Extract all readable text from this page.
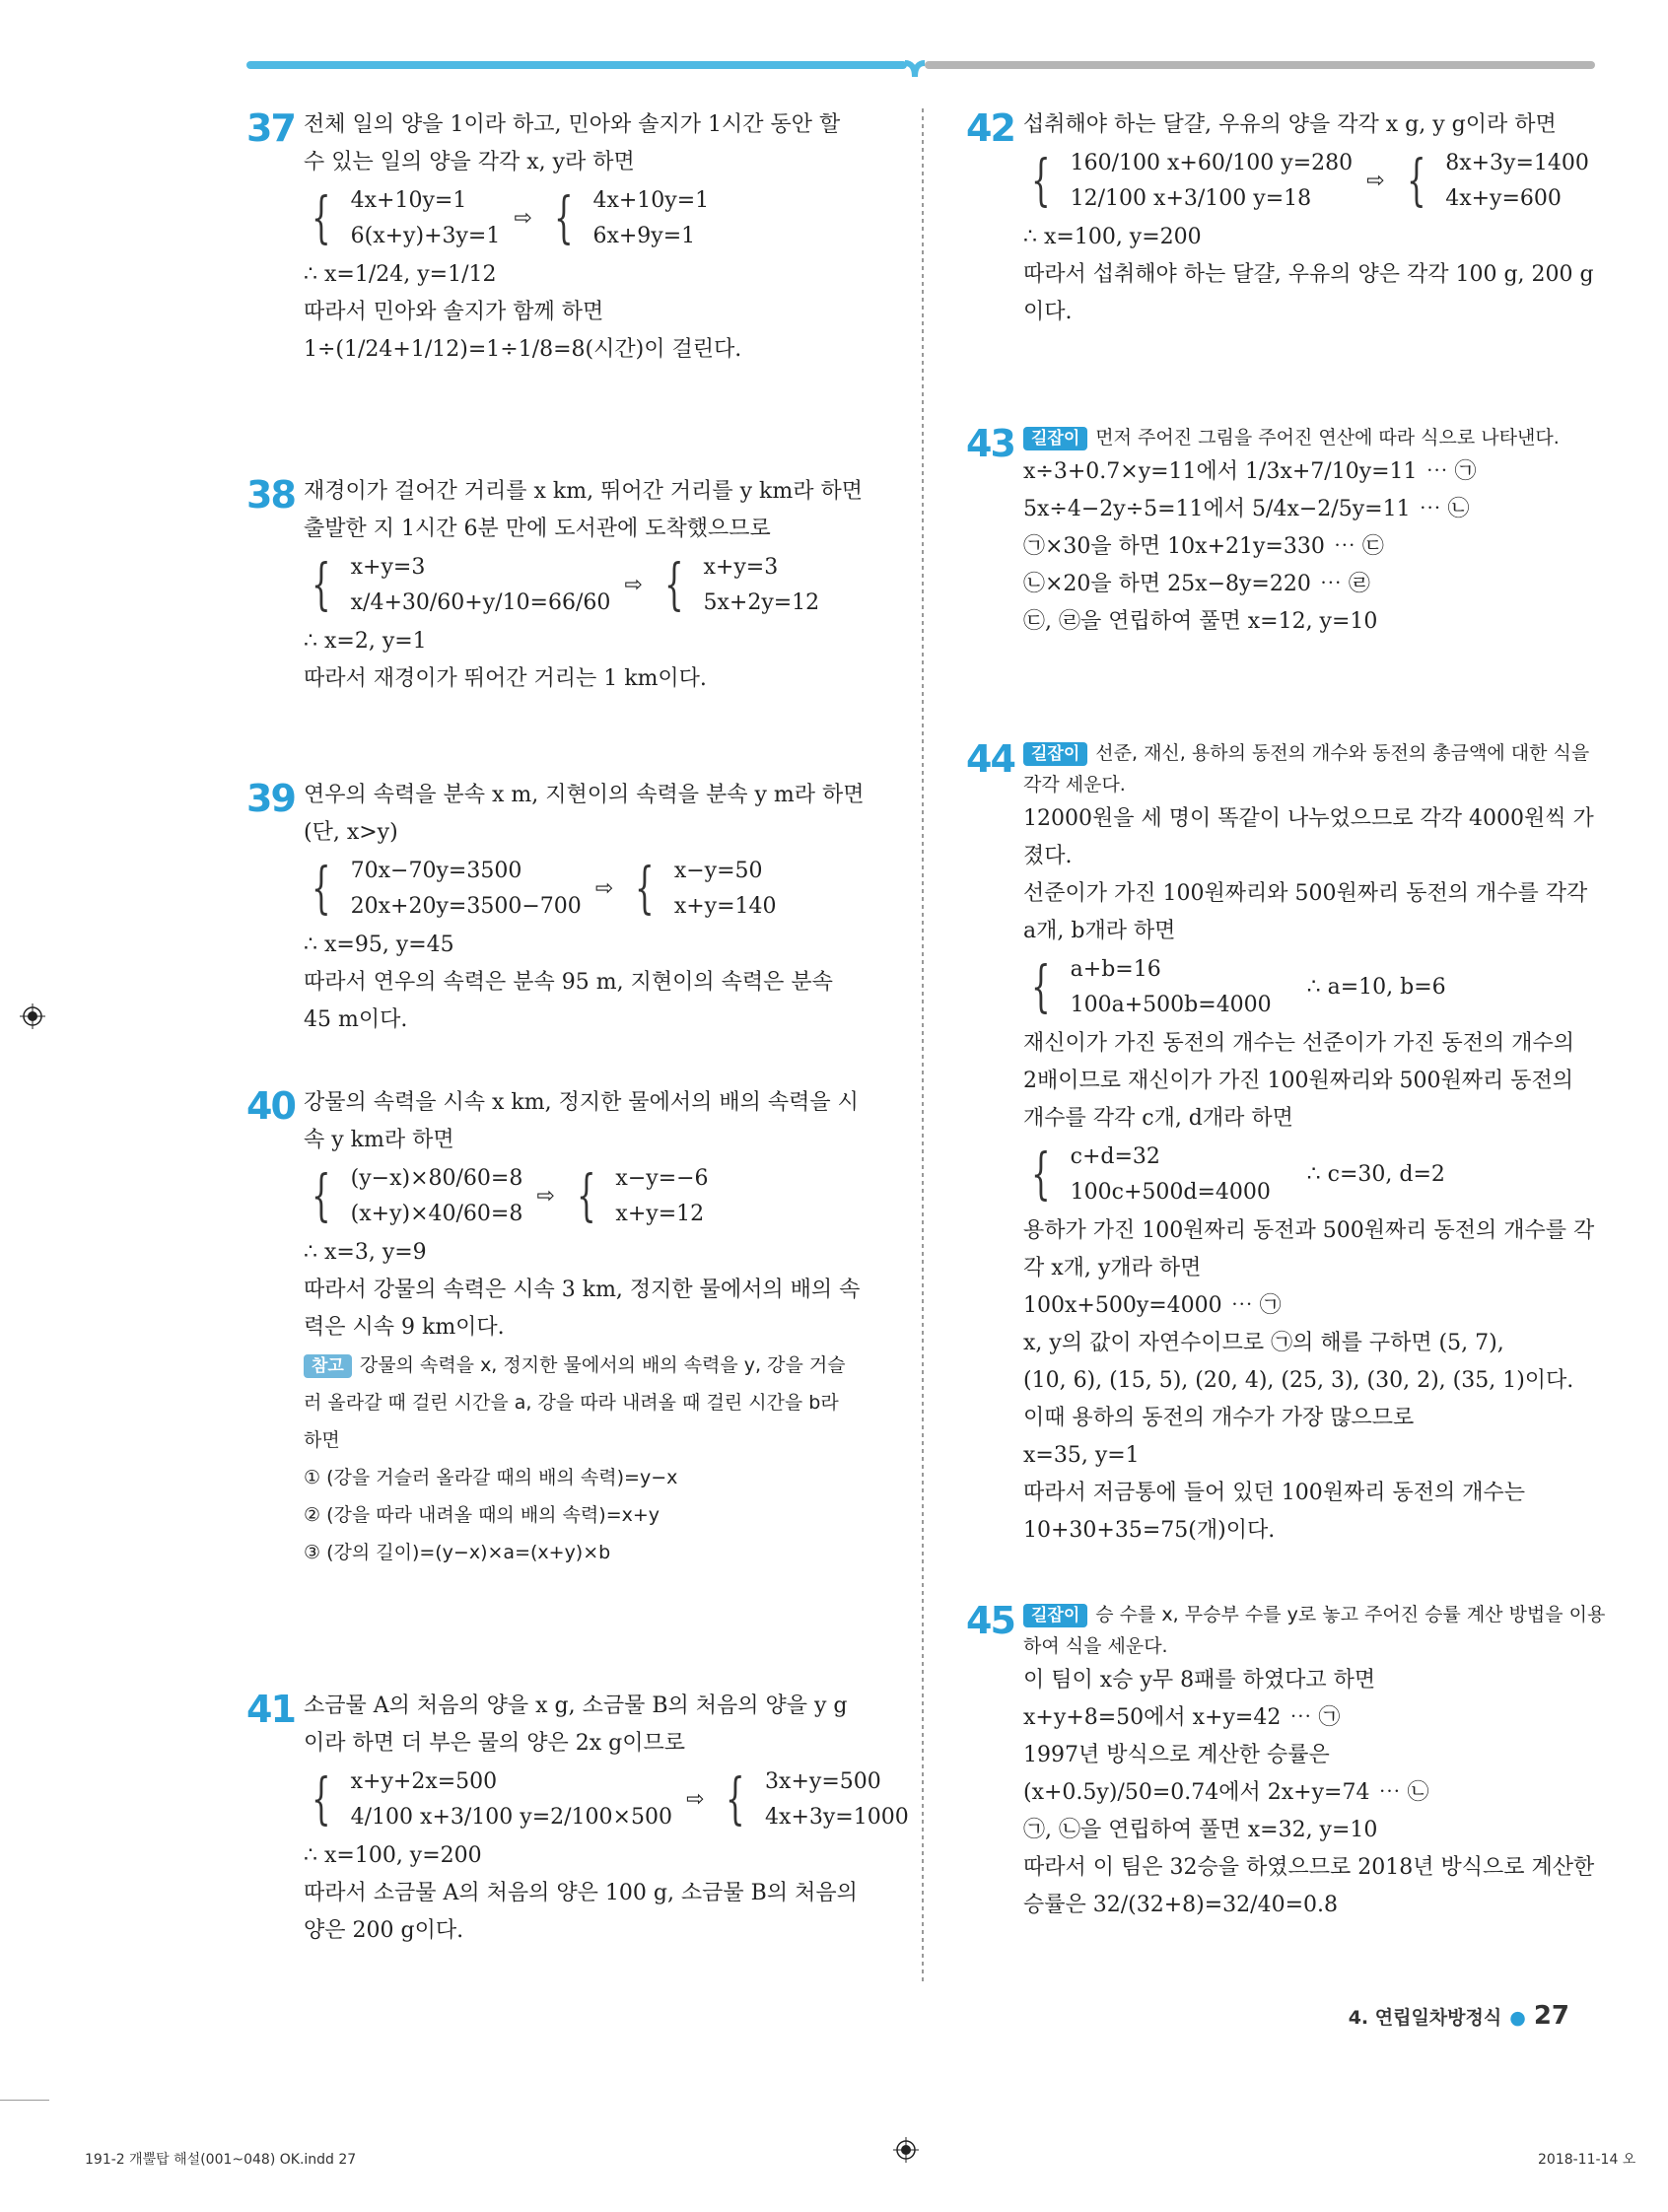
37 전체 일의 양을 1이라 하고, 민아와 솔지가 1시간 동안 할
수 있는 일의 양을 각각 x, y라 하면
{ 4x+10y=1
6(x+y)+3y=1
⇨ { 4x+10y=1
6x+9y=1
∴ x=1/24, y=1/12
따라서 민아와 솔지가 함께 하면
1÷(1/24+1/12)=1÷1/8=8(시간)이 걸린다.
38 재경이가 걸어간 거리를 x km, 뛰어간 거리를 y km라 하면
출발한 지 1시간 6분 만에 도서관에 도착했으므로
{ x+y=3
x/4+30/60+y/10=66/60
⇨ { x+y=3
5x+2y=12
∴ x=2, y=1
따라서 재경이가 뛰어간 거리는 1 km이다.
39 연우의 속력을 분속 x m, 지현이의 속력을 분속 y m라 하면
(단, x>y)
{ 70x−70y=3500
20x+20y=3500−700
⇨ { x−y=50
x+y=140
∴ x=95, y=45
따라서 연우의 속력은 분속 95 m, 지현이의 속력은 분속
45 m이다.
40 강물의 속력을 시속 x km, 정지한 물에서의 배의 속력을 시
속 y km라 하면
{ (y−x)×80/60=8
(x+y)×40/60=8
⇨ { x−y=−6
x+y=12
∴ x=3, y=9
따라서 강물의 속력은 시속 3 km, 정지한 물에서의 배의 속
력은 시속 9 km이다.
참고 강물의 속력을 x, 정지한 물에서의 배의 속력을 y, 강을 거슬
러 올라갈 때 걸린 시간을 a, 강을 따라 내려올 때 걸린 시간을 b라
하면
① (강을 거슬러 올라갈 때의 배의 속력)=y−x
② (강을 따라 내려올 때의 배의 속력)=x+y
③ (강의 길이)=(y−x)×a=(x+y)×b
41 소금물 A의 처음의 양을 x g, 소금물 B의 처음의 양을 y g
이라 하면 더 부은 물의 양은 2x g이므로
{ x+y+2x=500
4/100 x+3/100 y=2/100×500
⇨ { 3x+y=500
4x+3y=1000
∴ x=100, y=200
따라서 소금물 A의 처음의 양은 100 g, 소금물 B의 처음의
양은 200 g이다.
42 섭취해야 하는 달걀, 우유의 양을 각각 x g, y g이라 하면
{ 160/100 x+60/100 y=280
12/100 x+3/100 y=18
⇨ { 8x+3y=1400
4x+y=600
∴ x=100, y=200
따라서 섭취해야 하는 달걀, 우유의 양은 각각 100 g, 200 g
이다.
43	길잡이 먼저 주어진 그림을 주어진 연산에 따라 식으로 나타낸다.
x÷3+0.7×y=11에서 1/3x+7/10y=11 ⋯ ㉠
5x÷4−2y÷5=11에서 5/4x−2/5y=11 ⋯ ㉡
㉠×30을 하면 10x+21y=330 ⋯ ㉢
㉡×20을 하면 25x−8y=220 ⋯ ㉣
㉢, ㉣을 연립하여 풀면 x=12, y=10
44	길잡이 선준, 재신, 용하의 동전의 개수와 동전의 총금액에 대한 식을
각각 세운다.
12000원을 세 명이 똑같이 나누었으므로 각각 4000원씩 가
졌다.
선준이가 가진 100원짜리와 500원짜리 동전의 개수를 각각
a개, b개라 하면
{ a+b=16
100a+500b=4000
∴ a=10, b=6
재신이가 가진 동전의 개수는 선준이가 가진 동전의 개수의
2배이므로 재신이가 가진 100원짜리와 500원짜리 동전의
개수를 각각 c개, d개라 하면
{ c+d=32
100c+500d=4000
∴ c=30, d=2
용하가 가진 100원짜리 동전과 500원짜리 동전의 개수를 각
각 x개, y개라 하면
100x+500y=4000 ⋯ ㉠
x, y의 값이 자연수이므로 ㉠의 해를 구하면 (5, 7),
(10, 6), (15, 5), (20, 4), (25, 3), (30, 2), (35, 1)이다.
이때 용하의 동전의 개수가 가장 많으므로
x=35, y=1
따라서 저금통에 들어 있던 100원짜리 동전의 개수는
10+30+35=75(개)이다.
45	길잡이 승 수를 x, 무승부 수를 y로 놓고 주어진 승률 계산 방법을 이용
하여 식을 세운다.
이 팀이 x승 y무 8패를 하였다고 하면
x+y+8=50에서 x+y=42 ⋯ ㉠
1997년 방식으로 계산한 승률은
(x+0.5y)/50=0.74에서 2x+y=74 ⋯ ㉡
㉠, ㉡을 연립하여 풀면 x=32, y=10
따라서 이 팀은 32승을 하였으므로 2018년 방식으로 계산한
승률은 32/(32+8)=32/40=0.8
4. 연립일차방정식 ● 27
191-2 개뿔탑 해설(001~048) OK.indd 27	2018-11-14 오
